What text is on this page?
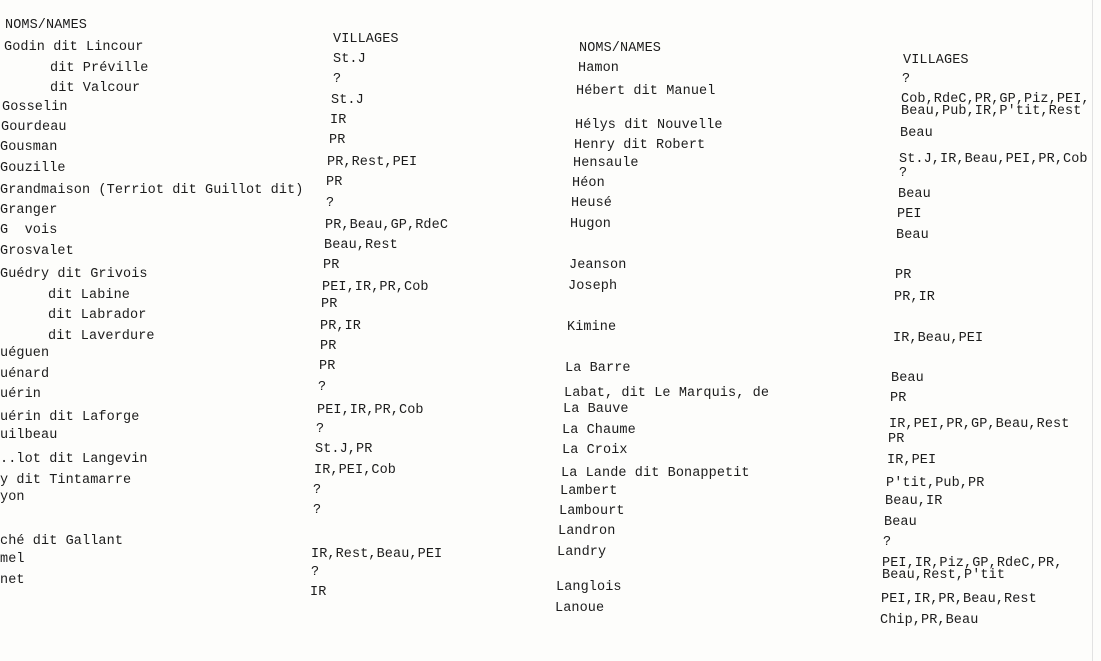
NOMS/NAMES
Godin dit Lincour
dit Préville
dit Valcour
Gosselin
Gourdeau
Gousman
Gouzille
Grandmaison (Terriot dit Guillot dit)
Granger
G  vois
Grosvalet
Guédry dit Grivois
dit Labine
dit Labrador
dit Laverdure
uéguen
uénard
uérin
uérin dit Laforge
uilbeau
..lot dit Langevin
y dit Tintamarre
yon
ché dit Gallant
mel
net
VILLAGES
St.J
?
St.J
IR
PR
PR,Rest,PEI
PR
?
PR,Beau,GP,RdeC
Beau,Rest
PR
PEI,IR,PR,Cob
PR
PR,IR
PR
PR
?
PEI,IR,PR,Cob
?
St.J,PR
IR,PEI,Cob
?
?
IR,Rest,Beau,PEI
?
IR
NOMS/NAMES
Hamon
Hébert dit Manuel
Hélys dit Nouvelle
Henry dit Robert
Hensaule
Héon
Heusé
Hugon
Jeanson
Joseph
Kimine
La Barre
Labat, dit Le Marquis, de
La Bauve
La Chaume
La Croix
La Lande dit Bonappetit
Lambert
Lambourt
Landron
Landry
Langlois
Lanoue
VILLAGES
?
Cob,RdeC,PR,GP,Piz,PEI,
Beau,Pub,IR,P'tit,Rest
Beau
St.J,IR,Beau,PEI,PR,Cob
?
Beau
PEI
Beau
PR
PR,IR
IR,Beau,PEI
Beau
PR
IR,PEI,PR,GP,Beau,Rest
PR
IR,PEI
P'tit,Pub,PR
Beau,IR
Beau
?
PEI,IR,Piz,GP,RdeC,PR,
Beau,Rest,P'tit
PEI,IR,PR,Beau,Rest
Chip,PR,Beau
